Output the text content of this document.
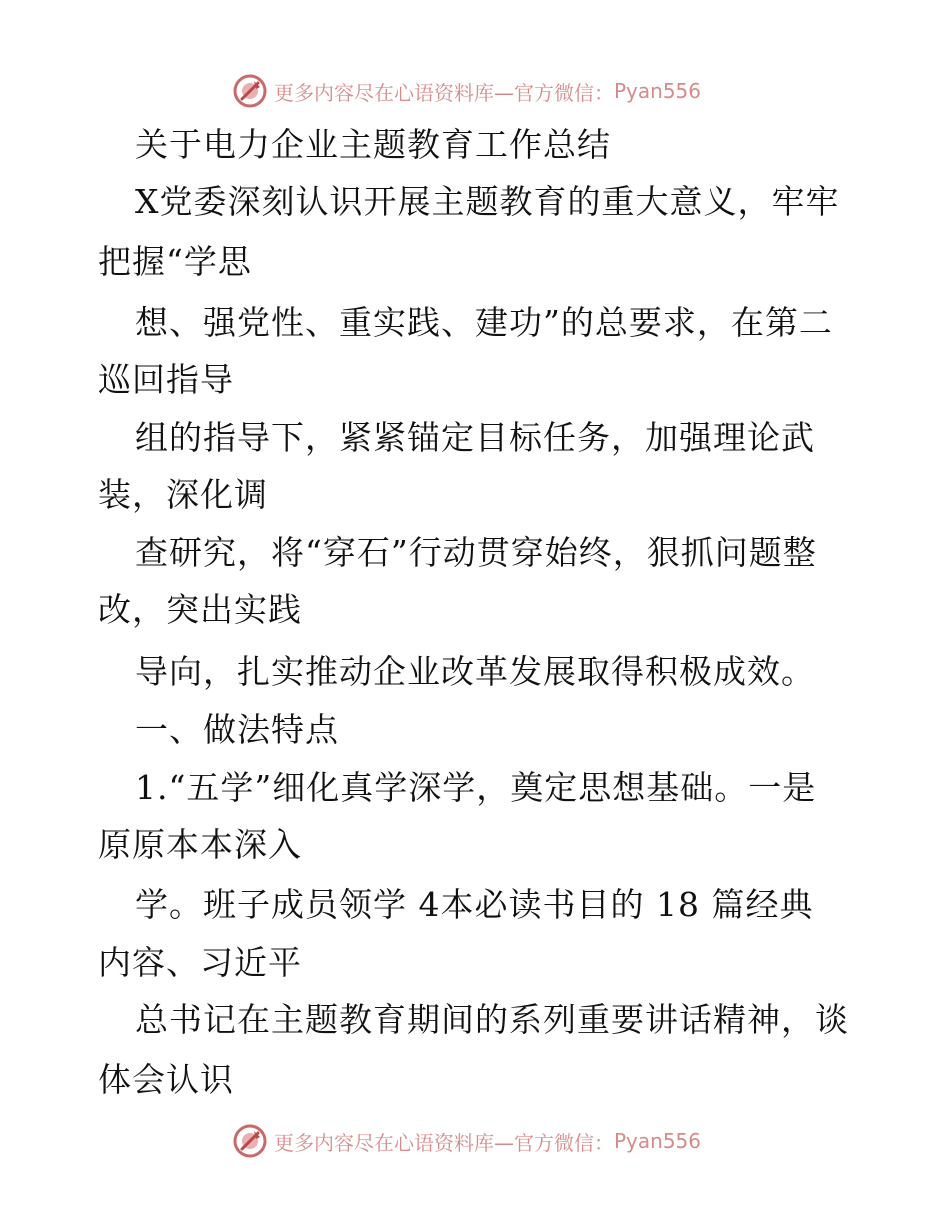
更多内容尽在心语资料库—官方微信： Pyan556
关于电力企业主题教育工作总结
X党委深刻认识开展主题教育的重大意义，牢牢
把握“学思
想、强党性、重实践、建功”的总要求，在第二
巡回指导
组的指导下，紧紧锚定目标任务，加强理论武
装，深化调
查研究，将“穿石”行动贯穿始终，狠抓问题整
改，突出实践
导向，扎实推动企业改革发展取得积极成效。
一、做法特点
1.“五学”细化真学深学，奠定思想基础。一是
原原本本深入
学。班子成员领学 4本必读书目的 18 篇经典
内容、习近平
总书记在主题教育期间的系列重要讲话精神，谈
体会认识
更多内容尽在心语资料库—官方微信： Pyan556
